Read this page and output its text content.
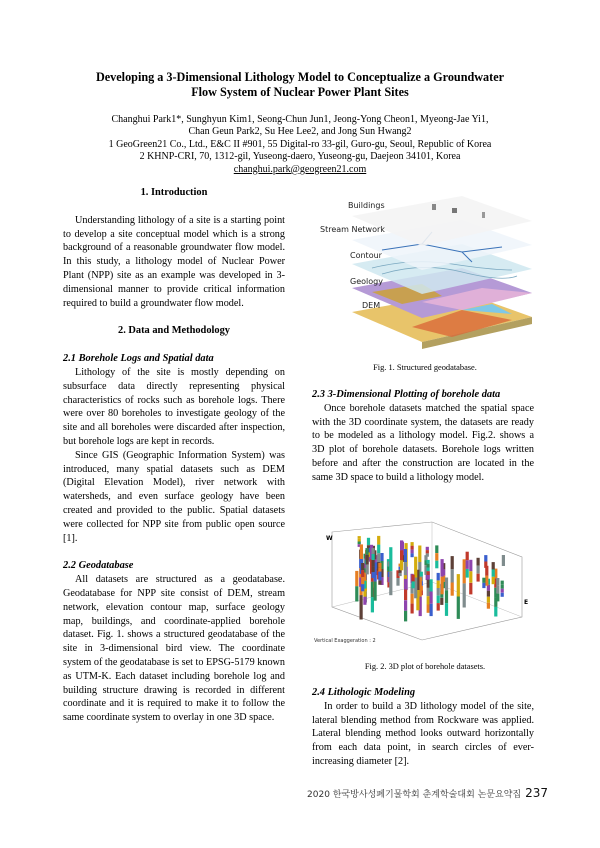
Developing a 3-Dimensional Lithology Model to Conceptualize a Groundwater
Flow System of Nuclear Power Plant Sites
Changhui Park1*, Sunghyun Kim1, Seong-Chun Jun1, Jeong-Yong Cheon1, Myeong-Jae Yi1,
Chan Geun Park2, Su Hee Lee2, and Jong Sun Hwang2
1 GeoGreen21 Co., Ltd., E&C II #901, 55 Digital-ro 33-gil, Guro-gu, Seoul, Republic of Korea
2 KHNP-CRI, 70, 1312-gil, Yuseong-daero, Yuseong-gu, Daejeon 34101, Korea
changhui.park@geogreen21.com
1. Introduction

Understanding lithology of a site is a starting point to develop a site conceptual model which is a strong background of a reasonable groundwater flow model. In this study, a lithology model of Nuclear Power Plant (NPP) site as an example was developed in 3-dimensional manner to provide critical information required to build a groundwater flow model.

2. Data and Methodology
2.1 Borehole Logs and Spatial data

Lithology of the site is mostly depending on subsurface data directly representing physical characteristics of rocks such as borehole logs. There were over 80 boreholes to investigate geology of the site and all boreholes were discarded after inspection, but borehole logs are kept in records.

Since GIS (Geographic Information System) was introduced, many spatial datasets such as DEM (Digital Elevation Model), river network with watersheds, and even surface geology have been created and provided to the public. Spatial datasets were collected for NPP site from public open source [1].

2.2 Geodatabase

All datasets are structured as a geodatabase. Geodatabase for NPP site consist of DEM, stream network, elevation contour map, surface geology map, buildings, and coordinate-applied borehole dataset. Fig. 1. shows a structured geodatabase of the site in 3-dimensional bird view. The coordinate system of the geodatabase is set to EPSG-5179 known as UTM-K. Each dataset including borehole log and building structure drawing is recorded in different coordinate and it is required to make it to follow the same coordinate system to overlay in one 3D space.

Buildings
Stream Network
Contour
Geology
DEM
Fig. 1. Structured geodatabase.
2.3 3-Dimensional Plotting of borehole data

Once borehole datasets matched the spatial space with the 3D coordinate system, the datasets are ready to be modeled as a lithology model. Fig.2. shows a 3D plot of borehole datasets. Borehole logs written before and after the construction are located in the same 3D space to build a lithology model.

W
E
Vertical Exaggeration : 2
Fig. 2. 3D plot of borehole datasets.
2.4 Lithologic Modeling

In order to build a 3D lithology model of the site, lateral blending method from Rockware was applied. Lateral blending method looks outward horizontally from each data point, in search circles of ever-increasing diameter [2].

2020 한국방사성폐기물학회 춘계학술대회 논문요약집 237
